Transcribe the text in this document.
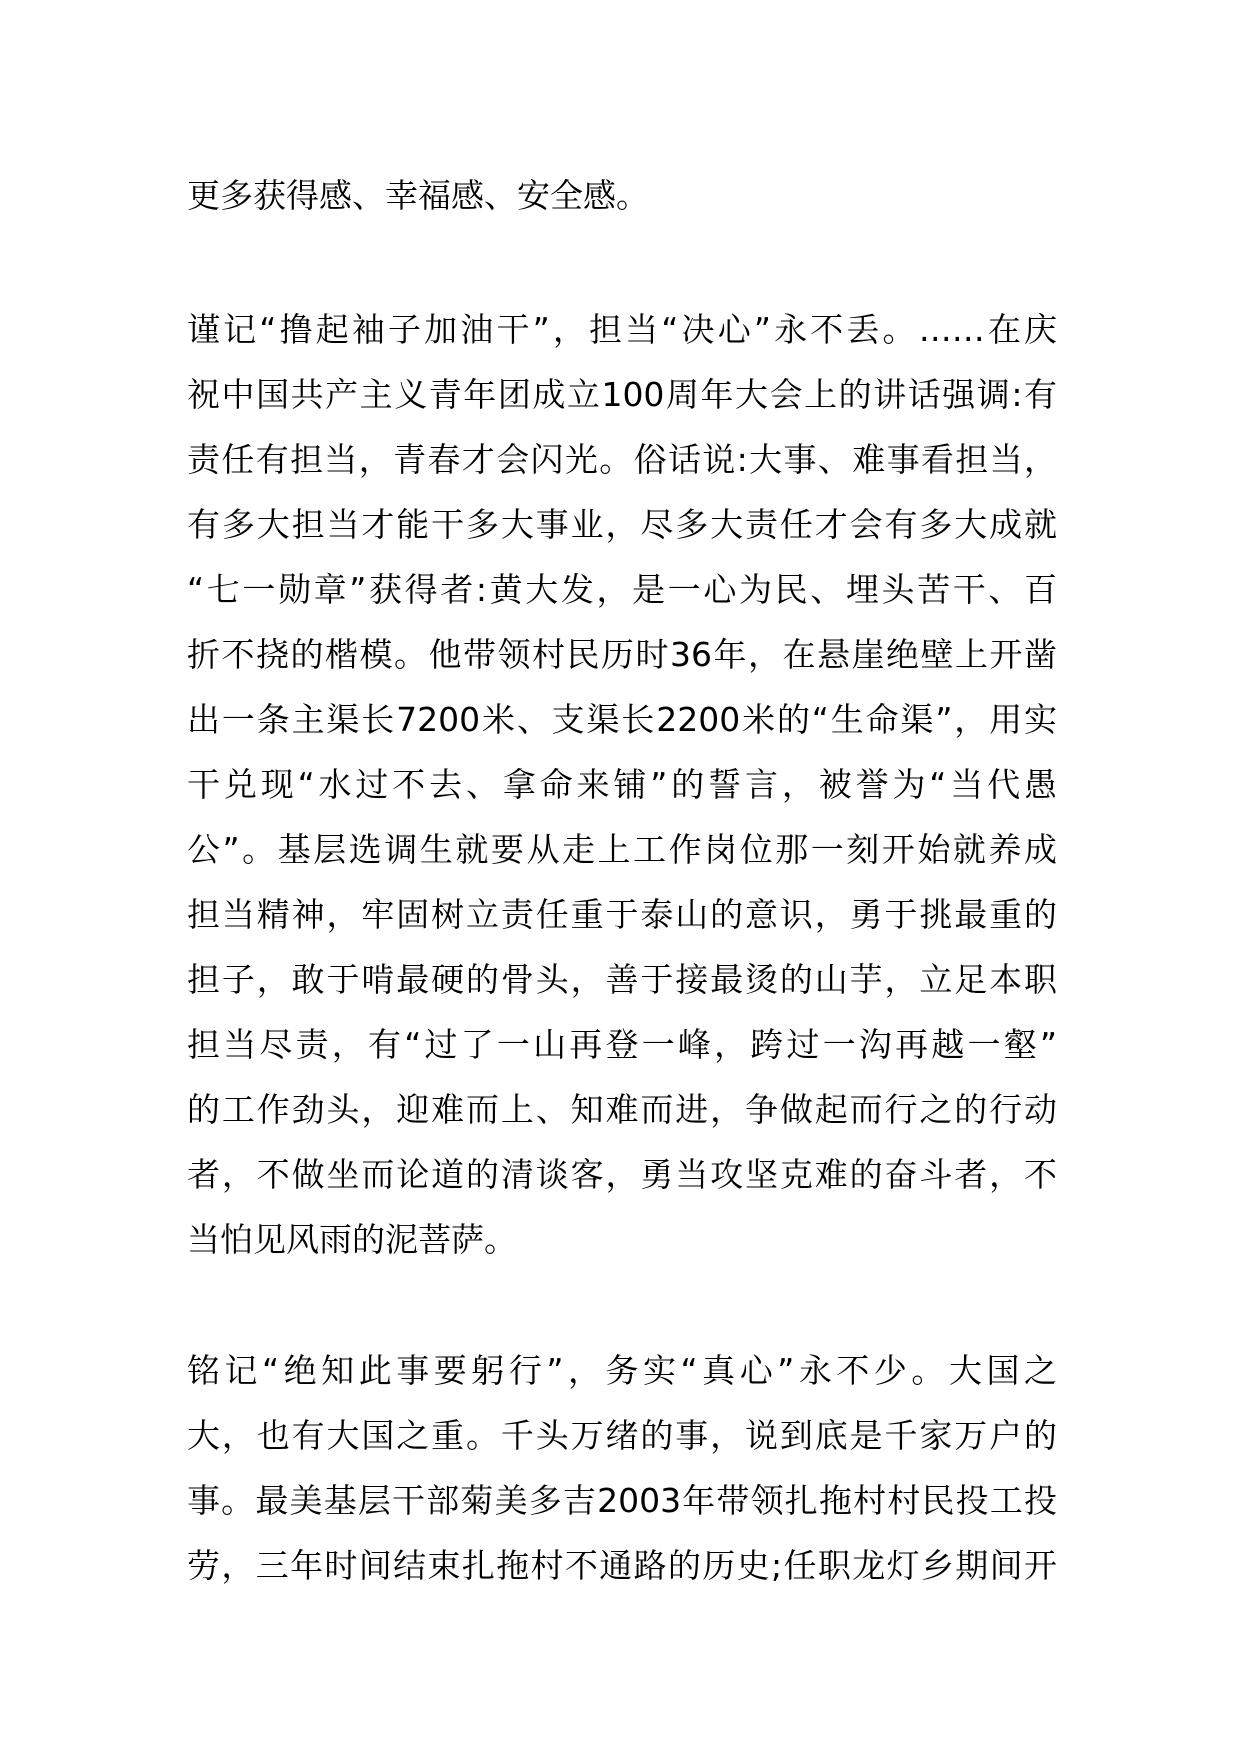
更多获得感、幸福感、安全感。
谨记“撸起袖子加油干”，担当“决心”永不丢。……在庆
祝中国共产主义青年团成立100周年大会上的讲话强调:有
责任有担当，青春才会闪光。俗话说:大事、难事看担当，
有多大担当才能干多大事业，尽多大责任才会有多大成就
“七一勋章”获得者:黄大发，是一心为民、埋头苦干、百
折不挠的楷模。他带领村民历时36年，在悬崖绝壁上开凿
出一条主渠长7200米、支渠长2200米的“生命渠”，用实
干兑现“水过不去、拿命来铺”的誓言，被誉为“当代愚
公”。基层选调生就要从走上工作岗位那一刻开始就养成
担当精神，牢固树立责任重于泰山的意识，勇于挑最重的
担子，敢于啃最硬的骨头，善于接最烫的山芋，立足本职
担当尽责，有“过了一山再登一峰，跨过一沟再越一壑”
的工作劲头，迎难而上、知难而进，争做起而行之的行动
者，不做坐而论道的清谈客，勇当攻坚克难的奋斗者，不
当怕见风雨的泥菩萨。
铭记“绝知此事要躬行”，务实“真心”永不少。大国之
大，也有大国之重。千头万绪的事，说到底是千家万户的
事。最美基层干部菊美多吉2003年带领扎拖村村民投工投
劳，三年时间结束扎拖村不通路的历史;任职龙灯乡期间开
